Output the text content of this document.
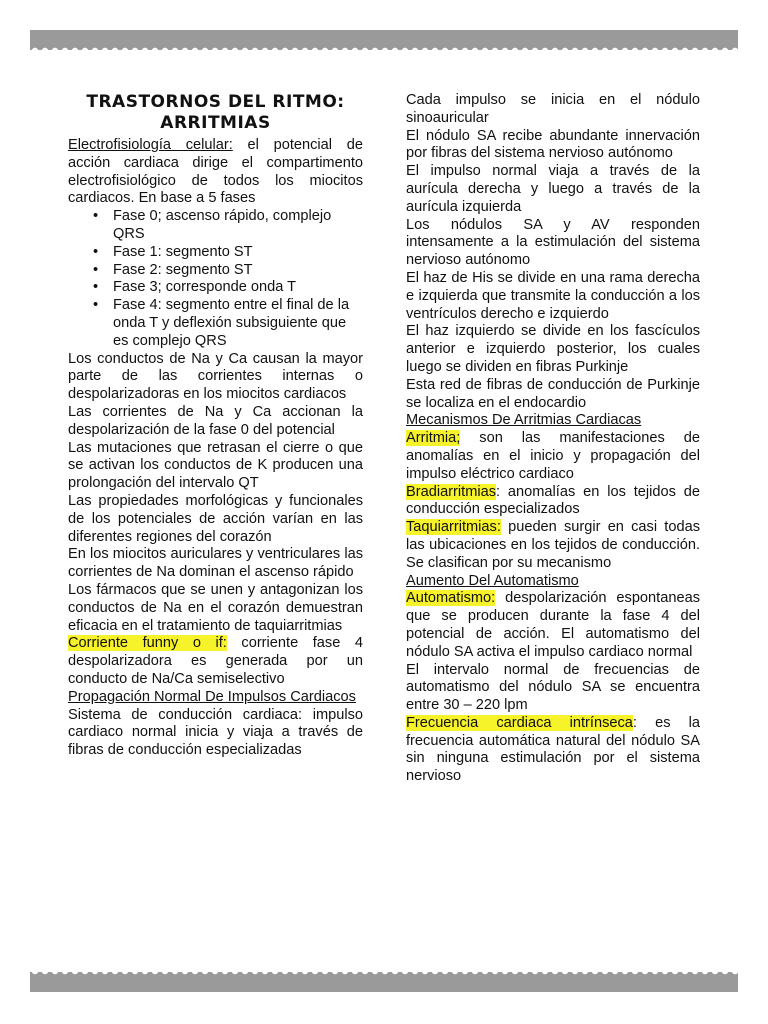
TRASTORNOS DEL RITMO:
ARRITMIAS

Electrofisiología celular: el potencial de acción cardiaca dirige el compartimento electrofisiológico de todos los miocitos cardiacos. En base a 5 fases

• Fase 0; ascenso rápido, complejo QRS
• Fase 1: segmento ST
• Fase 2: segmento ST
• Fase 3; corresponde onda T
• Fase 4: segmento entre el final de la onda T y deflexión subsiguiente que es complejo QRS

Los conductos de Na y Ca causan la mayor parte de las corrientes internas o despolarizadoras en los miocitos cardiacos

Las corrientes de Na y Ca accionan la despolarización de la fase 0 del potencial

Las mutaciones que retrasan el cierre o que se activan los conductos de K producen una prolongación del intervalo QT

Las propiedades morfológicas y funcionales de los potenciales de acción varían en las diferentes regiones del corazón

En los miocitos auriculares y ventriculares las corrientes de Na dominan el ascenso rápido

Los fármacos que se unen y antagonizan los conductos de Na en el corazón demuestran eficacia en el tratamiento de taquiarritmias

Corriente funny o if: corriente fase 4 despolarizadora es generada por un conducto de Na/Ca semiselectivo

Propagación Normal De Impulsos Cardiacos

Sistema de conducción cardiaca: impulso cardiaco normal inicia y viaja a través de fibras de conducción especializadas

Cada impulso se inicia en el nódulo sinoauricular

El nódulo SA recibe abundante innervación por fibras del sistema nervioso autónomo

El impulso normal viaja a través de la aurícula derecha y luego a través de la aurícula izquierda

Los nódulos SA y AV responden intensamente a la estimulación del sistema nervioso autónomo

El haz de His se divide en una rama derecha e izquierda que transmite la conducción a los ventrículos derecho e izquierdo

El haz izquierdo se divide en los fascículos anterior e izquierdo posterior, los cuales luego se dividen en fibras Purkinje

Esta red de fibras de conducción de Purkinje se localiza en el endocardio

Mecanismos De Arritmias Cardiacas

Arritmia; son las manifestaciones de anomalías en el inicio y propagación del impulso eléctrico cardiaco

Bradiarritmias: anomalías en los tejidos de conducción especializados

Taquiarritmias: pueden surgir en casi todas las ubicaciones en los tejidos de conducción. Se clasifican por su mecanismo

Aumento Del Automatismo

Automatismo: despolarización espontaneas que se producen durante la fase 4 del potencial de acción. El automatismo del nódulo SA activa el impulso cardiaco normal

El intervalo normal de frecuencias de automatismo del nódulo SA se encuentra entre 30 – 220 lpm

Frecuencia cardiaca intrínseca: es la frecuencia automática natural del nódulo SA sin ninguna estimulación por el sistema nervioso
